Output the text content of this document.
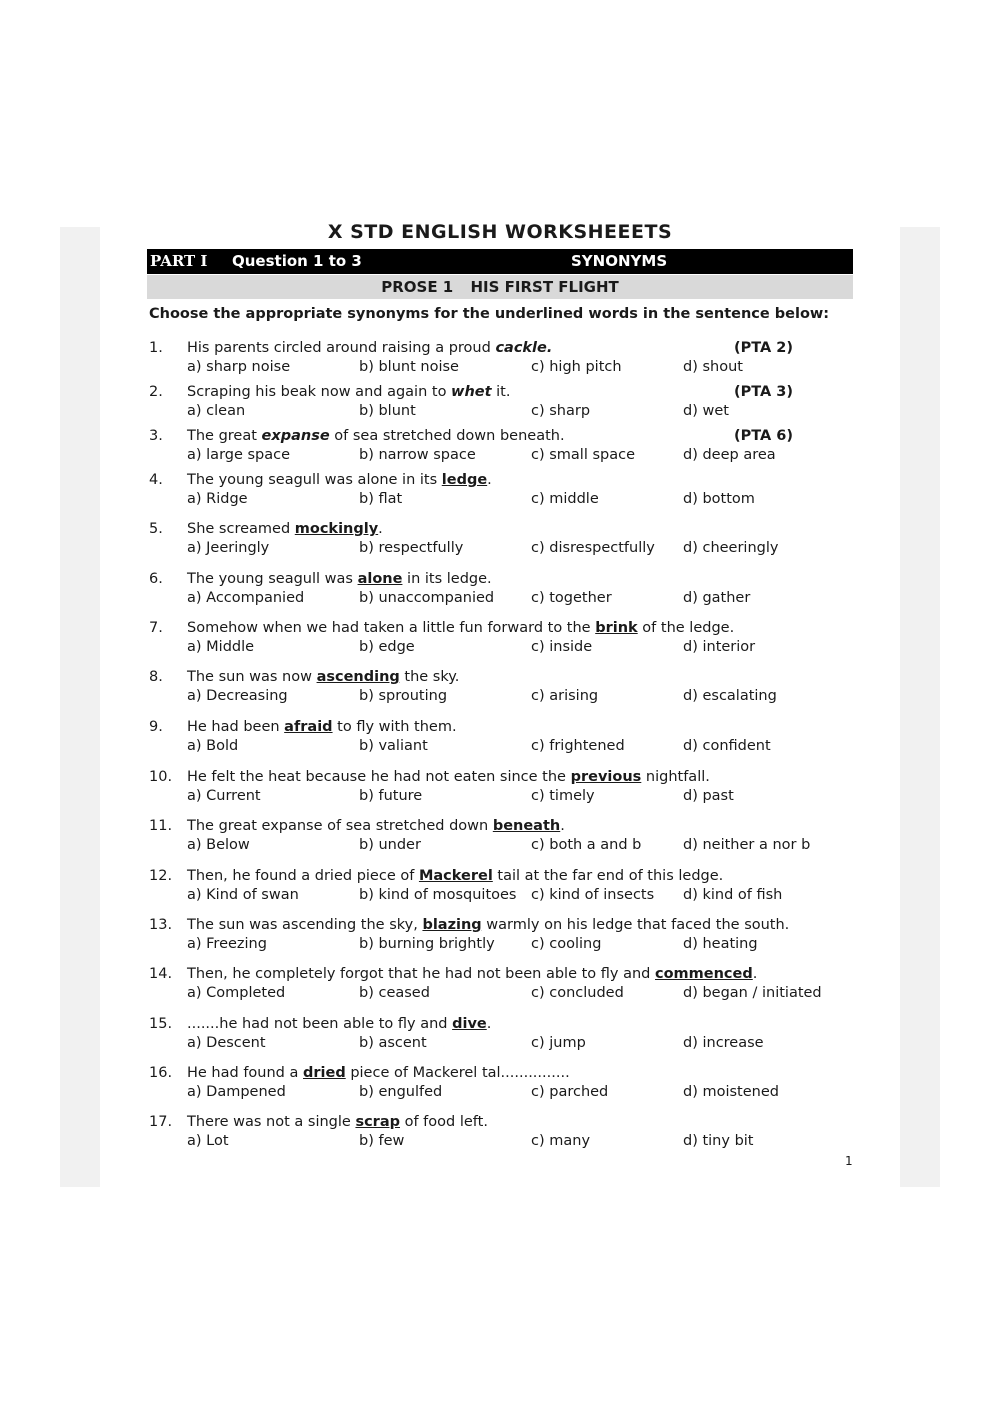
X STD ENGLISH WORKSHEEETS
PART I Question 1 to 3	SYNONYMS
PROSE 1 HIS FIRST FLIGHT
Choose the appropriate synonyms for the underlined words in the sentence below:
1. His parents circled around raising a proud cackle.	(PTA 2)
a) sharp noise	b) blunt noise	c) high pitch	d) shout
2. Scraping his beak now and again to whet it.	(PTA 3)
a) clean	b) blunt	c) sharp	d) wet
3. The great expanse of sea stretched down beneath.	(PTA 6)
a) large space	b) narrow space	c) small space	d) deep area
4. The young seagull was alone in its ledge.
a) Ridge	b) flat	c) middle	d) bottom
5. She screamed mockingly.
a) Jeeringly	b) respectfully	c) disrespectfully d) cheeringly
6. The young seagull was alone in its ledge.
a) Accompanied	b) unaccompanied	c) together	d) gather
7. Somehow when we had taken a little fun forward to the brink of the ledge.
a) Middle	b) edge	c) inside	d) interior
8. The sun was now ascending the sky.
a) Decreasing	b) sprouting	c) arising	d) escalating
9. He had been afraid to fly with them.
a) Bold	b) valiant	c) frightened	d) confident
10. He felt the heat because he had not eaten since the previous nightfall.
a) Current	b) future	c) timely	d) past
11. The great expanse of sea stretched down beneath.
a) Below	b) under	c) both a and b	d) neither a nor b
12. Then, he found a dried piece of Mackerel tail at the far end of this ledge.
a) Kind of swan	b) kind of mosquitoes c) kind of insects d) kind of fish
13. The sun was ascending the sky, blazing warmly on his ledge that faced the south.
a) Freezing	b) burning brightly	c) cooling	d) heating
14. Then, he completely forgot that he had not been able to fly and commenced.
a) Completed	b) ceased	c) concluded	d) began / initiated
15. .......he had not been able to fly and dive.
a) Descent	b) ascent	c) jump	d) increase
16. He had found a dried piece of Mackerel tal...............
a) Dampened	b) engulfed	c) parched	d) moistened
17. There was not a single scrap of food left.
a) Lot	b) few	c) many	d) tiny bit
1
